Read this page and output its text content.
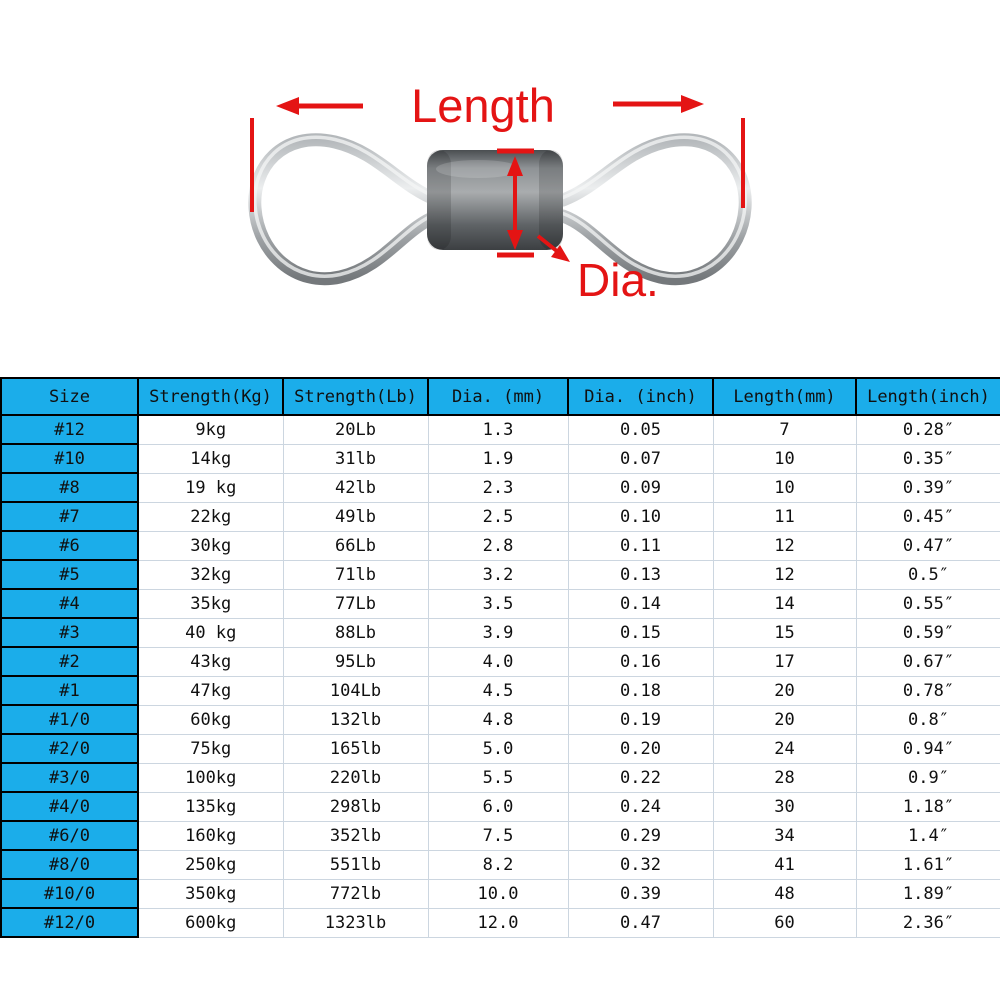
Length
Dia.
Size	Strength(Kg)	Strength(Lb)	Dia. (mm)	Dia. (inch)	Length(mm)	Length(inch)
#12	9kg	20Lb	1.3	0.05	7	0.28″
#10	14kg	31lb	1.9	0.07	10	0.35″
#8	19 kg	42lb	2.3	0.09	10	0.39″
#7	22kg	49lb	2.5	0.10	11	0.45″
#6	30kg	66Lb	2.8	0.11	12	0.47″
#5	32kg	71lb	3.2	0.13	12	0.5″
#4	35kg	77Lb	3.5	0.14	14	0.55″
#3	40 kg	88Lb	3.9	0.15	15	0.59″
#2	43kg	95Lb	4.0	0.16	17	0.67″
#1	47kg	104Lb	4.5	0.18	20	0.78″
#1/0	60kg	132lb	4.8	0.19	20	0.8″
#2/0	75kg	165lb	5.0	0.20	24	0.94″
#3/0	100kg	220lb	5.5	0.22	28	0.9″
#4/0	135kg	298lb	6.0	0.24	30	1.18″
#6/0	160kg	352lb	7.5	0.29	34	1.4″
#8/0	250kg	551lb	8.2	0.32	41	1.61″
#10/0	350kg	772lb	10.0	0.39	48	1.89″
#12/0	600kg	1323lb	12.0	0.47	60	2.36″
